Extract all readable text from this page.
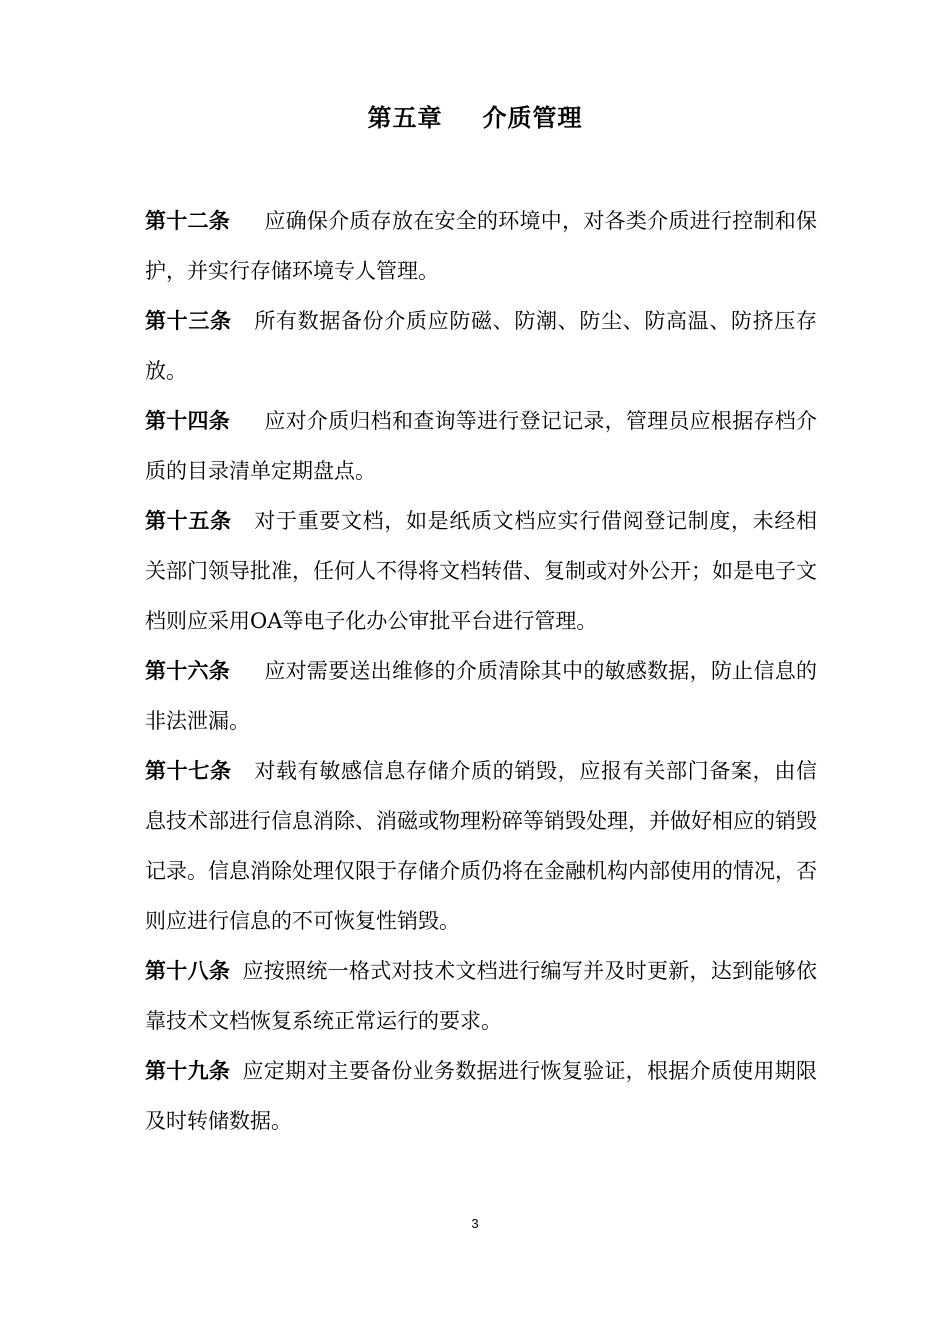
第五章 介质管理

第十二条 应确保介质存放在安全的环境中，对各类介质进行控制和保护，并实行存储环境专人管理。

第十三条 所有数据备份介质应防磁、防潮、防尘、防高温、防挤压存放。

第十四条 应对介质归档和查询等进行登记记录，管理员应根据存档介质的目录清单定期盘点。

第十五条 对于重要文档，如是纸质文档应实行借阅登记制度，未经相关部门领导批准，任何人不得将文档转借、复制或对外公开；如是电子文档则应采用OA等电子化办公审批平台进行管理。

第十六条 应对需要送出维修的介质清除其中的敏感数据，防止信息的非法泄漏。

第十七条 对载有敏感信息存储介质的销毁，应报有关部门备案，由信息技术部进行信息消除、消磁或物理粉碎等销毁处理，并做好相应的销毁记录。信息消除处理仅限于存储介质仍将在金融机构内部使用的情况，否则应进行信息的不可恢复性销毁。

第十八条 应按照统一格式对技术文档进行编写并及时更新，达到能够依靠技术文档恢复系统正常运行的要求。

第十九条 应定期对主要备份业务数据进行恢复验证，根据介质使用期限及时转储数据。

3
